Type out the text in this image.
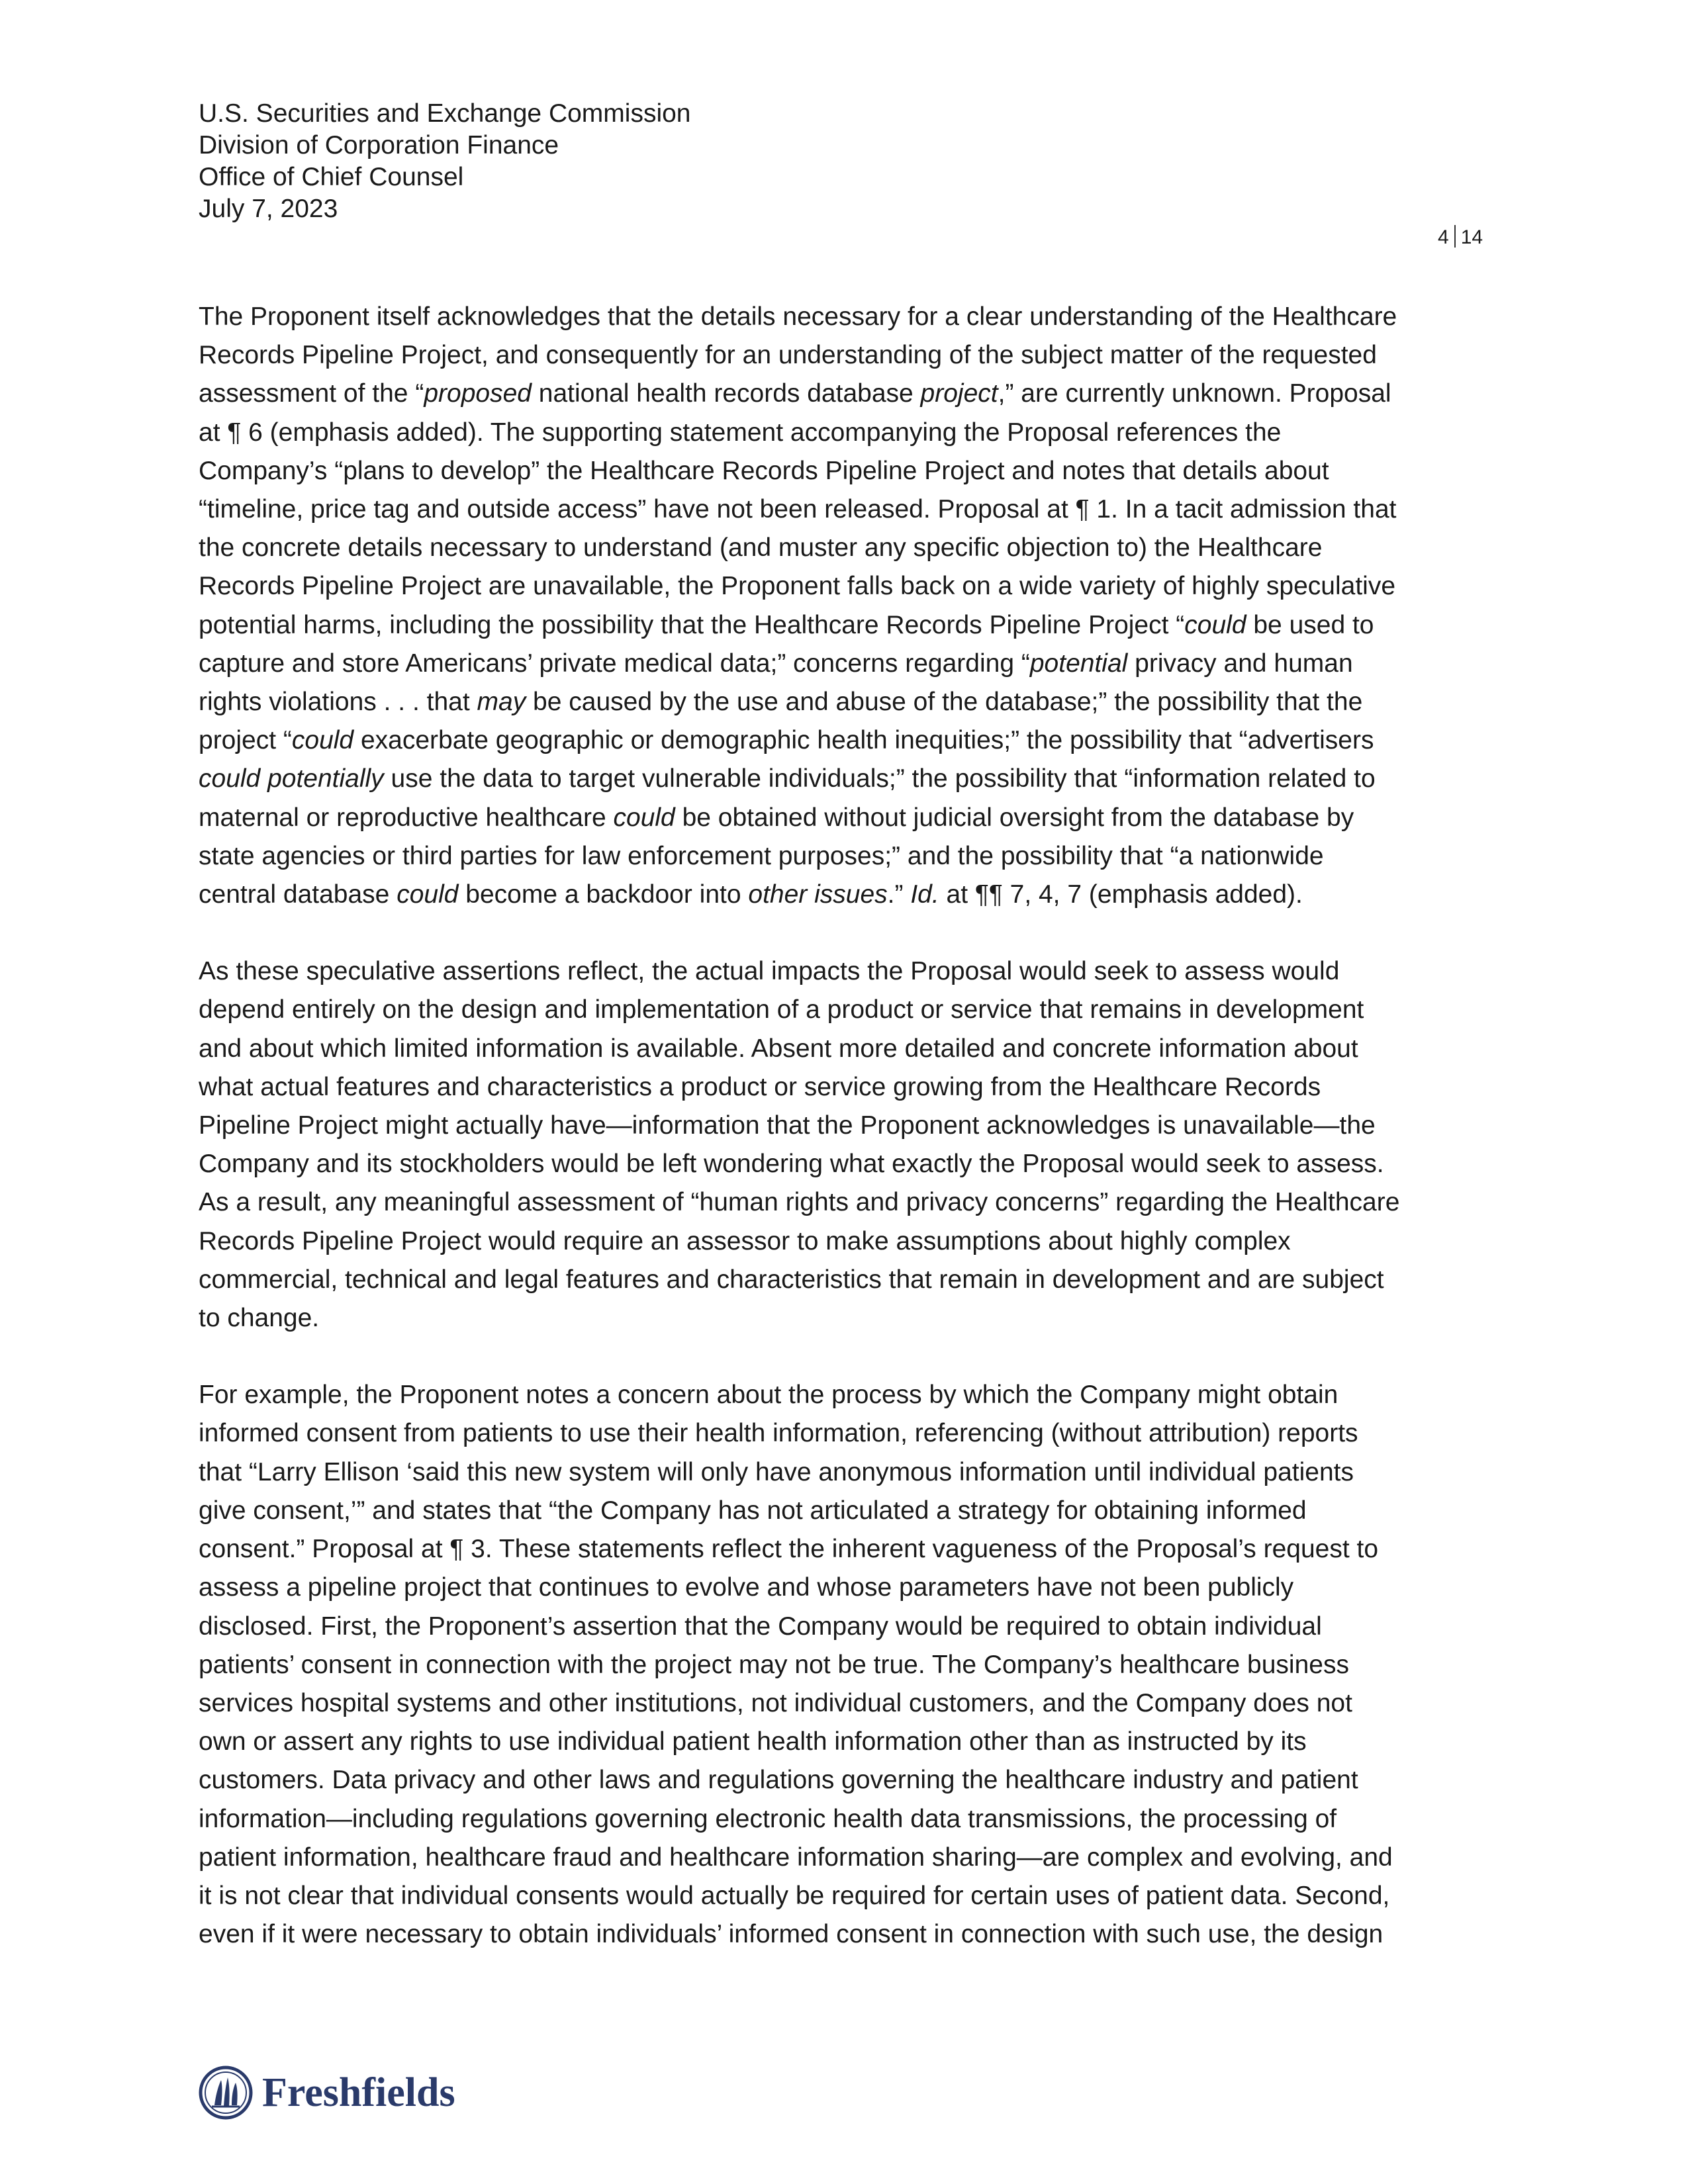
U.S. Securities and Exchange Commission
Division of Corporation Finance
Office of Chief Counsel
July 7, 2023
4 14
The Proponent itself acknowledges that the details necessary for a clear understanding of the Healthcare
Records Pipeline Project, and consequently for an understanding of the subject matter of the requested
assessment of the “proposed national health records database project,” are currently unknown. Proposal
at ¶ 6 (emphasis added). The supporting statement accompanying the Proposal references the
Company’s “plans to develop” the Healthcare Records Pipeline Project and notes that details about
“timeline, price tag and outside access” have not been released. Proposal at ¶ 1. In a tacit admission that
the concrete details necessary to understand (and muster any specific objection to) the Healthcare
Records Pipeline Project are unavailable, the Proponent falls back on a wide variety of highly speculative
potential harms, including the possibility that the Healthcare Records Pipeline Project “could be used to
capture and store Americans’ private medical data;” concerns regarding “potential privacy and human
rights violations . . . that may be caused by the use and abuse of the database;” the possibility that the
project “could exacerbate geographic or demographic health inequities;” the possibility that “advertisers
could potentially use the data to target vulnerable individuals;” the possibility that “information related to
maternal or reproductive healthcare could be obtained without judicial oversight from the database by
state agencies or third parties for law enforcement purposes;” and the possibility that “a nationwide
central database could become a backdoor into other issues.” Id. at ¶¶ 7, 4, 7 (emphasis added).
As these speculative assertions reflect, the actual impacts the Proposal would seek to assess would
depend entirely on the design and implementation of a product or service that remains in development
and about which limited information is available. Absent more detailed and concrete information about
what actual features and characteristics a product or service growing from the Healthcare Records
Pipeline Project might actually have—information that the Proponent acknowledges is unavailable—the
Company and its stockholders would be left wondering what exactly the Proposal would seek to assess.
As a result, any meaningful assessment of “human rights and privacy concerns” regarding the Healthcare
Records Pipeline Project would require an assessor to make assumptions about highly complex
commercial, technical and legal features and characteristics that remain in development and are subject
to change.
For example, the Proponent notes a concern about the process by which the Company might obtain
informed consent from patients to use their health information, referencing (without attribution) reports
that “Larry Ellison ‘said this new system will only have anonymous information until individual patients
give consent,’” and states that “the Company has not articulated a strategy for obtaining informed
consent.” Proposal at ¶ 3. These statements reflect the inherent vagueness of the Proposal’s request to
assess a pipeline project that continues to evolve and whose parameters have not been publicly
disclosed. First, the Proponent’s assertion that the Company would be required to obtain individual
patients’ consent in connection with the project may not be true. The Company’s healthcare business
services hospital systems and other institutions, not individual customers, and the Company does not
own or assert any rights to use individual patient health information other than as instructed by its
customers. Data privacy and other laws and regulations governing the healthcare industry and patient
information—including regulations governing electronic health data transmissions, the processing of
patient information, healthcare fraud and healthcare information sharing—are complex and evolving, and
it is not clear that individual consents would actually be required for certain uses of patient data. Second,
even if it were necessary to obtain individuals’ informed consent in connection with such use, the design
Freshfields
